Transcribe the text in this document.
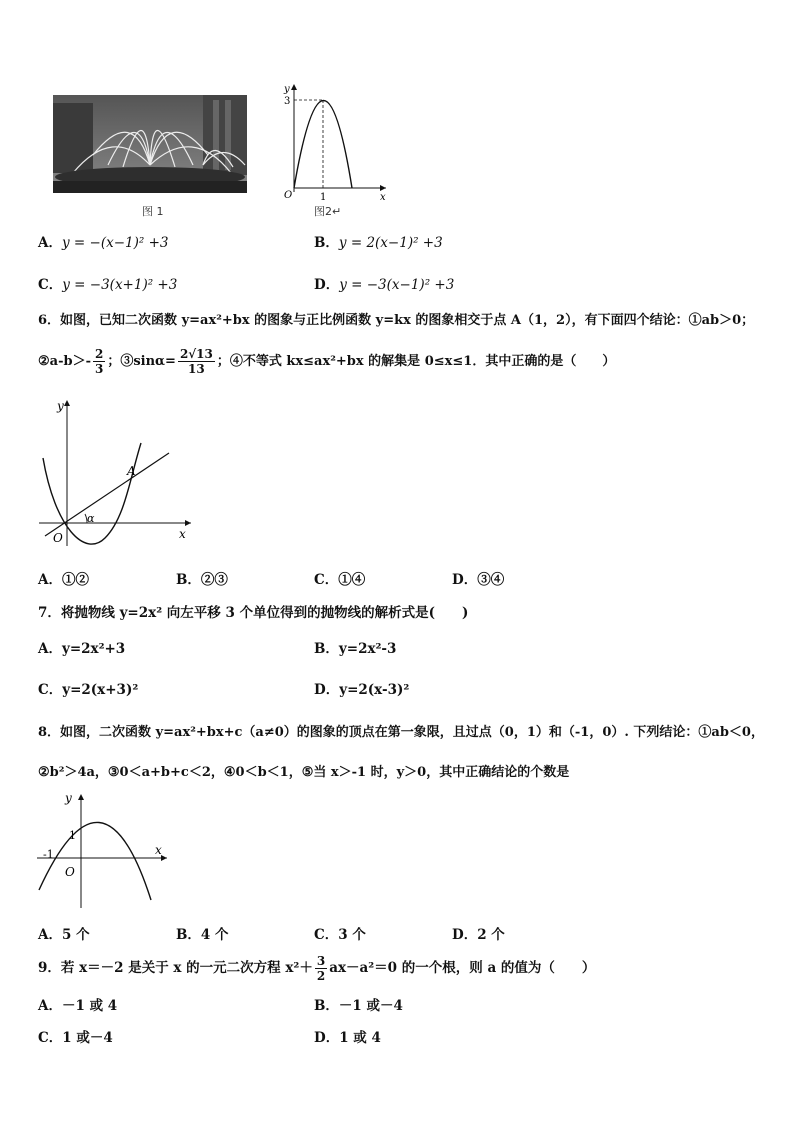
图 1
y
x
O
3
1
图2↵
A．y = −(x−1)² +3	B．y = 2(x−1)² +3
C．y = −3(x+1)² +3	D．y = −3(x−1)² +3
6．如图，已知二次函数 y=ax²+bx 的图象与正比例函数 y=kx 的图象相交于点 A（1，2），有下面四个结论：①ab＞0；
②a-b＞- $\frac{2}{3}$ ；③sinα= $\frac{2√13}{13}$ ；④不等式 kx≤ax²+bx 的解集是 0≤x≤1．其中正确的是（　　）
y
x
O
A
α
A．①②	B．②③	C．①④	D．③④
7．将抛物线 y=2x² 向左平移 3 个单位得到的抛物线的解析式是(　　)
A．y=2x²+3	B．y=2x²-3
C．y=2(x+3)²	D．y=2(x-3)²
8．如图，二次函数 y=ax²+bx+c（a≠0）的图象的顶点在第一象限，且过点（0，1）和（-1，0）. 下列结论：①ab＜0，
②b²＞4a，③0＜a+b+c＜2，④0＜b＜1，⑤当 x＞-1 时，y＞0，其中正确结论的个数是
y
x
O
1
-1
A．5 个	B．4 个	C．3 个	D．2 个
9．若 x＝－2 是关于 x 的一元二次方程 $x^2+ \frac{3}{2} ax-a^2=0$ 的一个根，则 a 的值为（　　）
A．－1 或 4	B．－1 或－4
C．1 或－4	D．1 或 4
